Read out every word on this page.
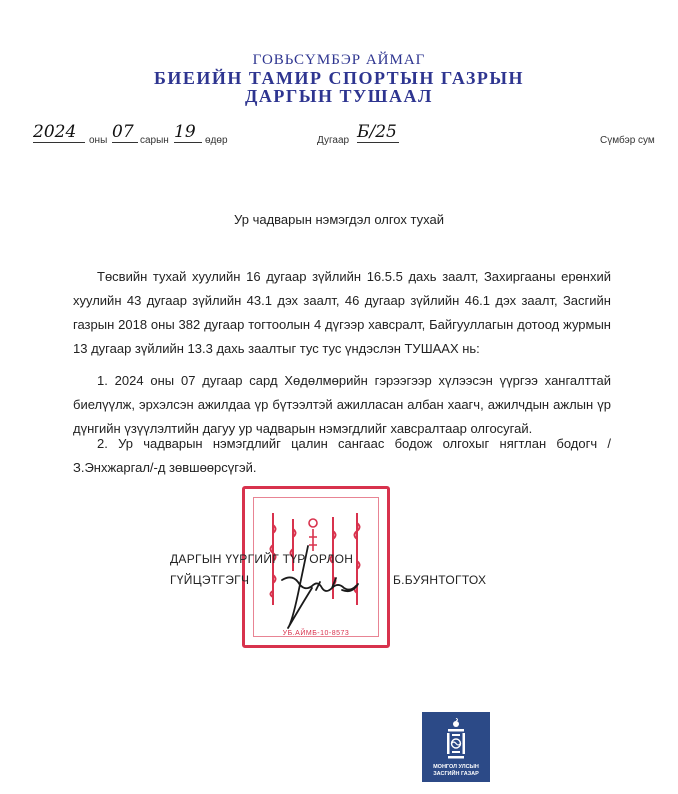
ГОВЬСҮМБЭР АЙМАГ
БИЕИЙН ТАМИР СПОРТЫН ГАЗРЫН
ДАРГЫН ТУШААЛ
2024	оны 07 сарын 19 өдөр	Дугаар Б/25	Сүмбэр сум
Ур чадварын нэмэгдэл олгох тухай
Төсвийн тухай хуулийн 16 дугаар зүйлийн 16.5.5 дахь заалт, Захиргааны ерөнхий хуулийн 43 дугаар зүйлийн 43.1 дэх заалт, 46 дугаар зүйлийн 46.1 дэх заалт, Засгийн газрын 2018 оны 382 дугаар тогтоолын 4 дүгээр хавсралт, Байгууллагын дотоод журмын 13 дугаар зүйлийн 13.3 дахь заалтыг тус тус үндэслэн ТУШААХ нь:
1. 2024 оны 07 дугаар сард Хөдөлмөрийн гэрээгээр хүлээсэн үүргээ хангалттай биелүүлж, эрхэлсэн ажилдаа үр бүтээлтэй ажилласан албан хаагч, ажилчдын ажлын үр дүнгийн үзүүлэлтийн дагуу ур чадварын нэмэгдлийг хавсралтаар олгосугай.
2. Ур чадварын нэмэгдлийг цалин сангаас бодож олгохыг нягтлан бодогч /З.Энхжаргал/-д зөвшөөрсүгэй.
УБ.АЙМБ-10-8573
ДАРГЫН ҮҮРГИЙГ ТҮР ОРЛОН
ГҮЙЦЭТГЭГЧ	Б.БУЯНТОГТОХ
МОНГОЛ УЛСЫН
ЗАСГИЙН ГАЗАР
